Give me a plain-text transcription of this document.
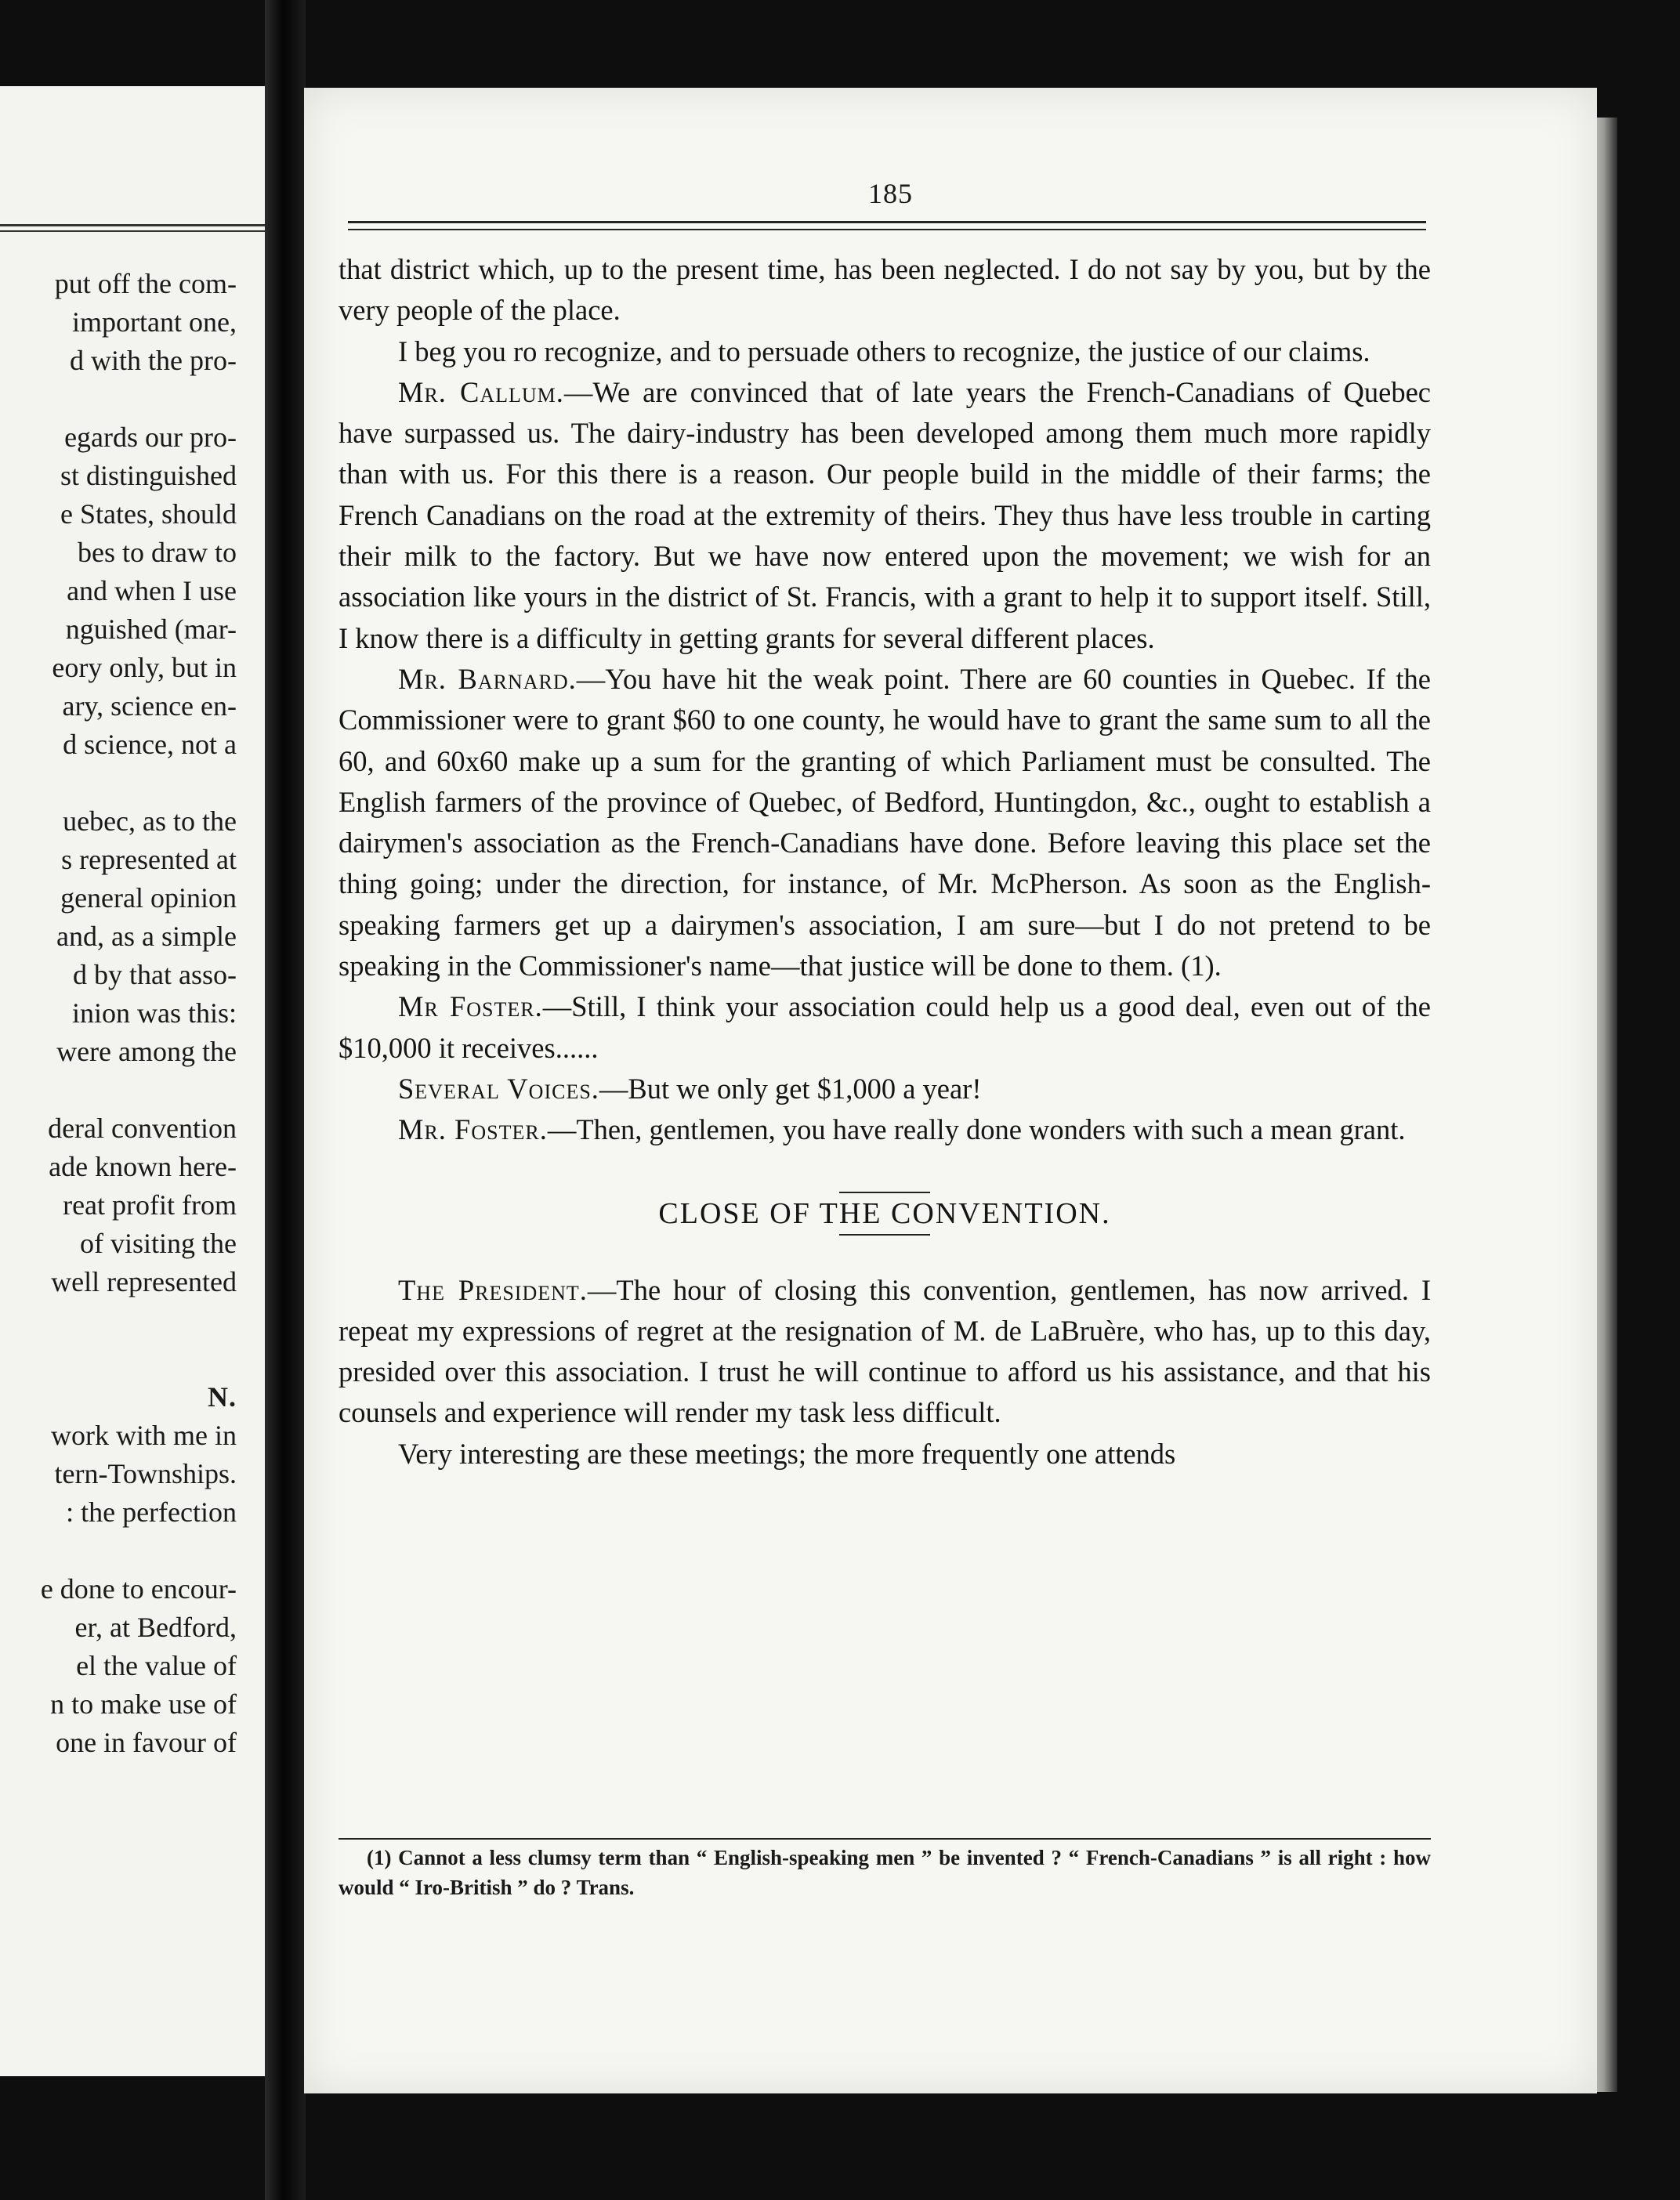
put off the com-
important one,
d with the pro-
egards our pro-
st distinguished
e States, should
bes to draw to
and when I use
nguished (mar-
eory only, but in
ary, science en-
d science, not a
uebec, as to the
s represented at
general opinion
and, as a simple
d by that asso-
inion was this:
were among the
deral convention
ade known here-
reat profit from
of visiting the
well represented
N.
work with me in
tern-Townships.
: the perfection
e done to encour-
er, at Bedford,
el the value of
n to make use of
one in favour of
185

that district which, up to the present time, has been neglected. I do not say by you, but by the very people of the place.

I beg you ro recognize, and to persuade others to recognize, the justice of our claims.

Mr. Callum.—We are convinced that of late years the French-Canadians of Quebec have surpassed us. The dairy-industry has been developed among them much more rapidly than with us. For this there is a reason. Our people build in the middle of their farms; the French Canadians on the road at the extremity of theirs. They thus have less trouble in carting their milk to the factory. But we have now entered upon the movement; we wish for an association like yours in the district of St. Francis, with a grant to help it to support itself. Still, I know there is a difficulty in getting grants for several different places.

Mr. Barnard.—You have hit the weak point. There are 60 counties in Quebec. If the Commissioner were to grant $60 to one county, he would have to grant the same sum to all the 60, and 60x60 make up a sum for the granting of which Parliament must be consulted. The English farmers of the province of Quebec, of Bedford, Huntingdon, &c., ought to establish a dairymen's association as the French-Canadians have done. Before leaving this place set the thing going; under the direction, for instance, of Mr. McPherson. As soon as the English-speaking farmers get up a dairymen's association, I am sure—but I do not pretend to be speaking in the Commissioner's name—that justice will be done to them. (1).

Mr Foster.—Still, I think your association could help us a good deal, even out of the $10,000 it receives......

Several Voices.—But we only get $1,000 a year!

Mr. Foster.—Then, gentlemen, you have really done wonders with such a mean grant.

CLOSE OF THE CONVENTION.

The President.—The hour of closing this convention, gentlemen, has now arrived. I repeat my expressions of regret at the resignation of M. de LaBruère, who has, up to this day, presided over this association. I trust he will continue to afford us his assistance, and that his counsels and experience will render my task less difficult.

Very interesting are these meetings; the more frequently one attends

(1) Cannot a less clumsy term than “ English-speaking men ” be invented ? “ French-Canadians ” is all right : how would “ Iro-British ” do ? Trans.
